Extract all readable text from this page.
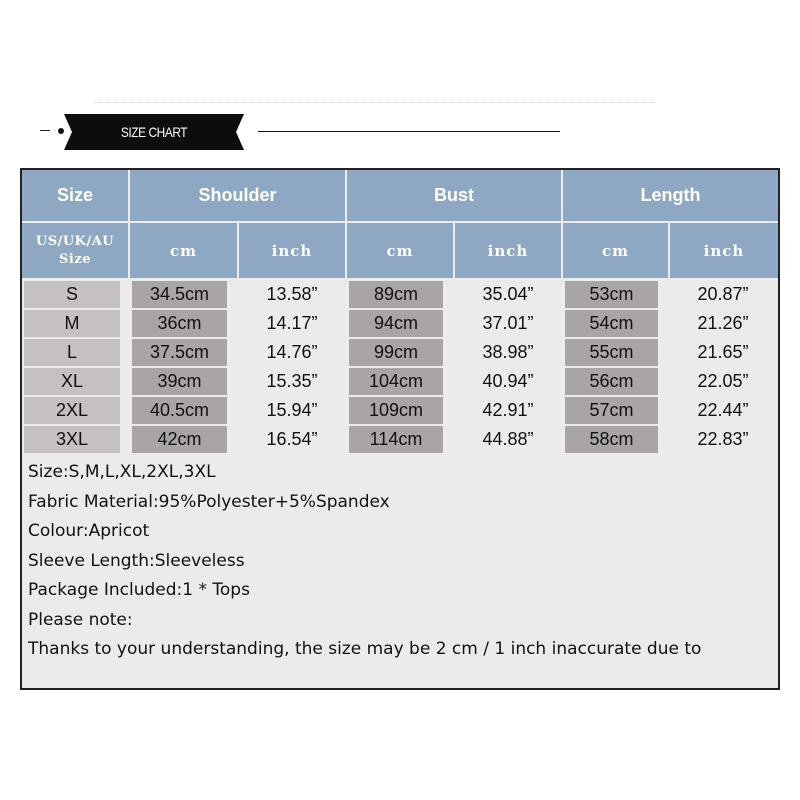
SIZE CHART
Size	Shoulder	Bust	Length
US/UK/AU
Size	cm	inch	cm	inch	cm	inch
S	34.5cm	13.58”	89cm	35.04”	53cm	20.87”
M	36cm	14.17”	94cm	37.01”	54cm	21.26”
L	37.5cm	14.76”	99cm	38.98”	55cm	21.65”
XL	39cm	15.35”	104cm	40.94”	56cm	22.05”
2XL	40.5cm	15.94”	109cm	42.91”	57cm	22.44”
3XL	42cm	16.54”	114cm	44.88”	58cm	22.83”
Size:S,M,L,XL,2XL,3XL
Fabric Material:95%Polyester+5%Spandex
Colour:Apricot
Sleeve Length:Sleeveless
Package Included:1 * Tops
Please note:
Thanks to your understanding, the size may be 2 cm / 1 inch inaccurate due to
